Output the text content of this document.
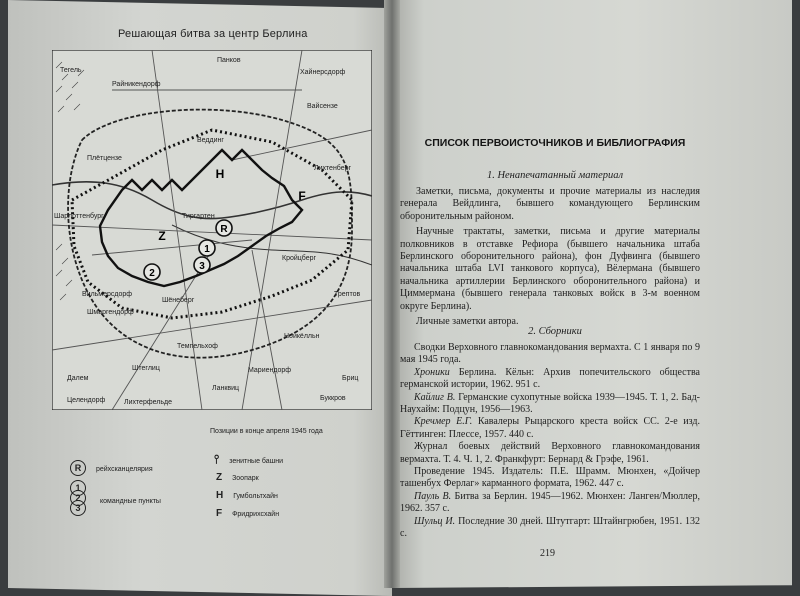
Решающая битва за центр Берлина
R
1
2
3
Z
H
F
Тегель
Панков
Хайнерсдорф
Райникендорф
Вайсензе
Веддинг
Плётцензе
Лихтенберг
Шарлоттенбург	Тиргартен
Кройцберг
Вильмерсдорф
Шёнеберг
Трептов
Шмаргендорф
Темпельхоф
Нойкёлльн
Далем
Штеглиц
Бриц
Целендорф	Лихтерфельде
Ланквиц
Мариендорф
Буккров
Позиции в конце апреля 1945 года
R рейхсканцелярия
1
2
3
командные пункты
⫯ зенитные башни
Z Зоопарк
H Гумбольтхайн
F Фридрихсхайн
СПИСОК ПЕРВОИСТОЧНИКОВ И БИБЛИОГРАФИЯ
1. Ненапечатанный материал

Заметки, письма, документы и прочие материалы из наследия генерала Вейдлинга, бывшего командующего Берлинским оборонительным районом.

Научные трактаты, заметки, письма и другие материалы полковников в отставке Рефиора (бывшего начальника штаба Берлинского оборонительного района), фон Дуфвинга (бывшего начальника штаба LVI танкового корпуса), Вёлермана (бывшего начальника артиллерии Берлинского оборонительного района) и Циммермана (бывшего генерала танковых войск в 3-м военном округе Берлина).

Личные заметки автора.

2. Сборники

Сводки Верховного главнокомандования вермахта. С 1 января по 9 мая 1945 года.

Хроники Берлина. Кёльн: Архив попечительского общества германской истории, 1962. 951 с.

Кайлиг В. Германские сухопутные войска 1939—1945. Т. 1, 2. Бад-Наухайм: Подцун, 1956—1963.

Кречмер Е.Г. Кавалеры Рыцарского креста войск СС. 2-е изд. Гёттинген: Плессе, 1957. 440 с.

Журнал боевых действий Верховного главнокомандования вермахта. Т. 4. Ч. 1, 2. Франкфурт: Бернард & Грэфе, 1961.

Проведение 1945. Издатель: П.Е. Шрамм. Мюнхен, «Дойчер ташенбух Ферлаг» карманного формата, 1962. 447 с.

Пауль В. Битва за Берлин. 1945—1962. Мюнхен: Ланген/Мюллер, 1962. 357 с.

Шульц И. Последние 30 дней. Штутгарт: Штайнгрюбен, 1951. 132 с.

219
